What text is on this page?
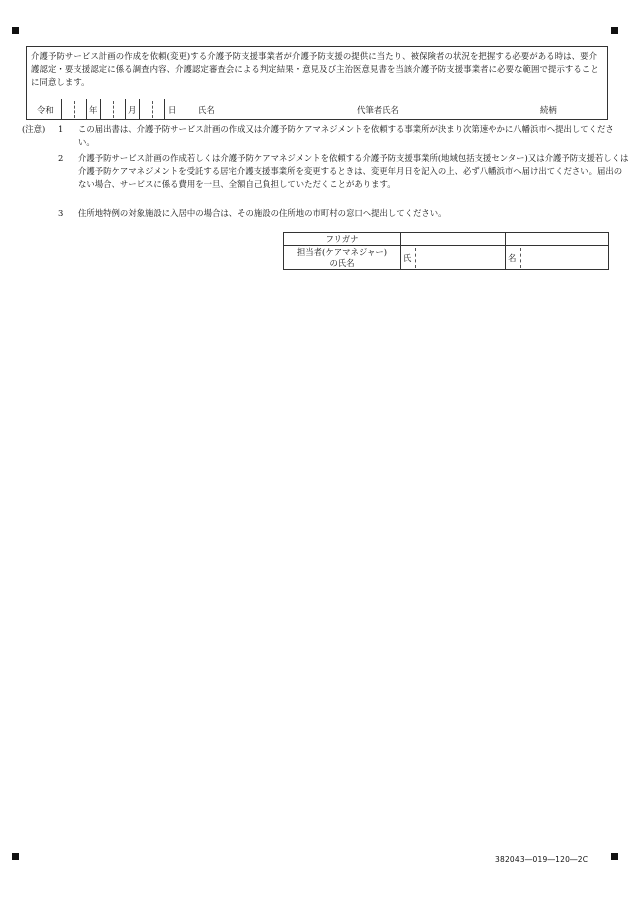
介護予防サービス計画の作成を依頼(変更)する介護予防支援事業者が介護予防支援の提供に当たり、被保険者の状況を把握する必要がある時は、要介護認定・要支援認定に係る調査内容、介護認定審査会による判定結果・意見及び主治医意見書を当該介護予防支援事業者に必要な範囲で提示することに同意します。
令和	年	月	日	氏名	代筆者氏名	続柄
(注意) 1	この届出書は、介護予防サービス計画の作成又は介護予防ケアマネジメントを依頼する事業所が決まり次第速やかに八幡浜市へ提出してください。
2	介護予防サービス計画の作成若しくは介護予防ケアマネジメントを依頼する介護予防支援事業所(地域包括支援センター)又は介護予防支援若しくは介護予防ケアマネジメントを受託する居宅介護支援事業所を変更するときは、変更年月日を記入の上、必ず八幡浜市へ届け出てください。届出のない場合、サービスに係る費用を一旦、全額自己負担していただくことがあります。
3	住所地特例の対象施設に入居中の場合は、その施設の住所地の市町村の窓口へ提出してください。
フリガナ		
担当者(ケアマネジャー)
の氏名	氏	名
382043―019―120―2C
